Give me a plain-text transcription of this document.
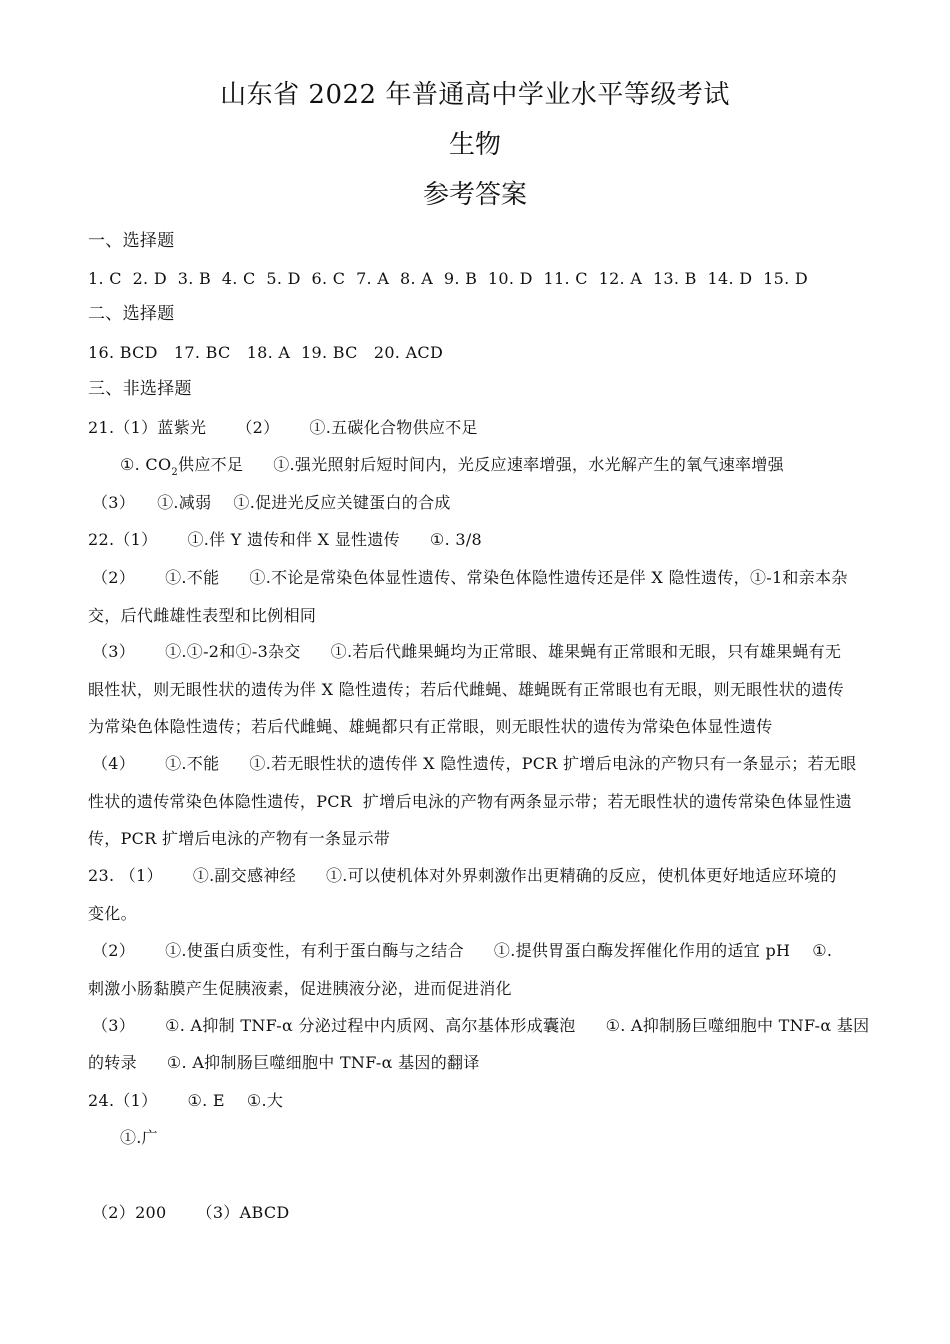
山东省 2022 年普通高中学业水平等级考试
生物
参考答案
一、选择题
1. C  2. D  3. B  4. C  5. D  6. C  7. A  8. A  9. B  10. D  11. C  12. A  13. B  14. D  15. D
二、选择题
16. BCD   17. BC   18. A  19. BC   20. ACD
三、非选择题
21.（1）蓝紫光 （2） ①.五碳化合物供应不足
①. $CO_2$供应不足 ①.强光照射后短时间内，光反应速率增强，水光解产生的氧气速率增强
（3） ①.减弱 ①.促进光反应关键蛋白的合成
22.（1） ①.伴 Y 遗传和伴 X 显性遗传 ①. 3/8
（2） ①.不能 ①.不论是常染色体显性遗传、常染色体隐性遗传还是伴 X 隐性遗传，①-1和亲本杂
交，后代雌雄性表型和比例相同
（3） ①.①-2和①-3杂交 ①.若后代雌果蝇均为正常眼、雄果蝇有正常眼和无眼，只有雄果蝇有无
眼性状，则无眼性状的遗传为伴 X 隐性遗传；若后代雌蝇、雄蝇既有正常眼也有无眼，则无眼性状的遗传
为常染色体隐性遗传；若后代雌蝇、雄蝇都只有正常眼，则无眼性状的遗传为常染色体显性遗传
（4） ①.不能 ①.若无眼性状的遗传伴 X 隐性遗传，PCR 扩增后电泳的产物只有一条显示；若无眼
性状的遗传常染色体隐性遗传，PCR  扩增后电泳的产物有两条显示带；若无眼性状的遗传常染色体显性遗
传，PCR 扩增后电泳的产物有一条显示带
23. （1） ①.副交感神经 ①.可以使机体对外界刺激作出更精确的反应，使机体更好地适应环境的
变化。
（2） ①.使蛋白质变性，有利于蛋白酶与之结合 ①.提供胃蛋白酶发挥催化作用的适宜 pH ①.
刺激小肠黏膜产生促胰液素，促进胰液分泌，进而促进消化
（3） ①. A抑制 TNF-α 分泌过程中内质网、高尔基体形成囊泡 ①. A抑制肠巨噬细胞中 TNF-α 基因
的转录 ①. A抑制肠巨噬细胞中 TNF-α 基因的翻译
24.（1） ①. E ①.大
①.广
（2）200 （3）ABCD
